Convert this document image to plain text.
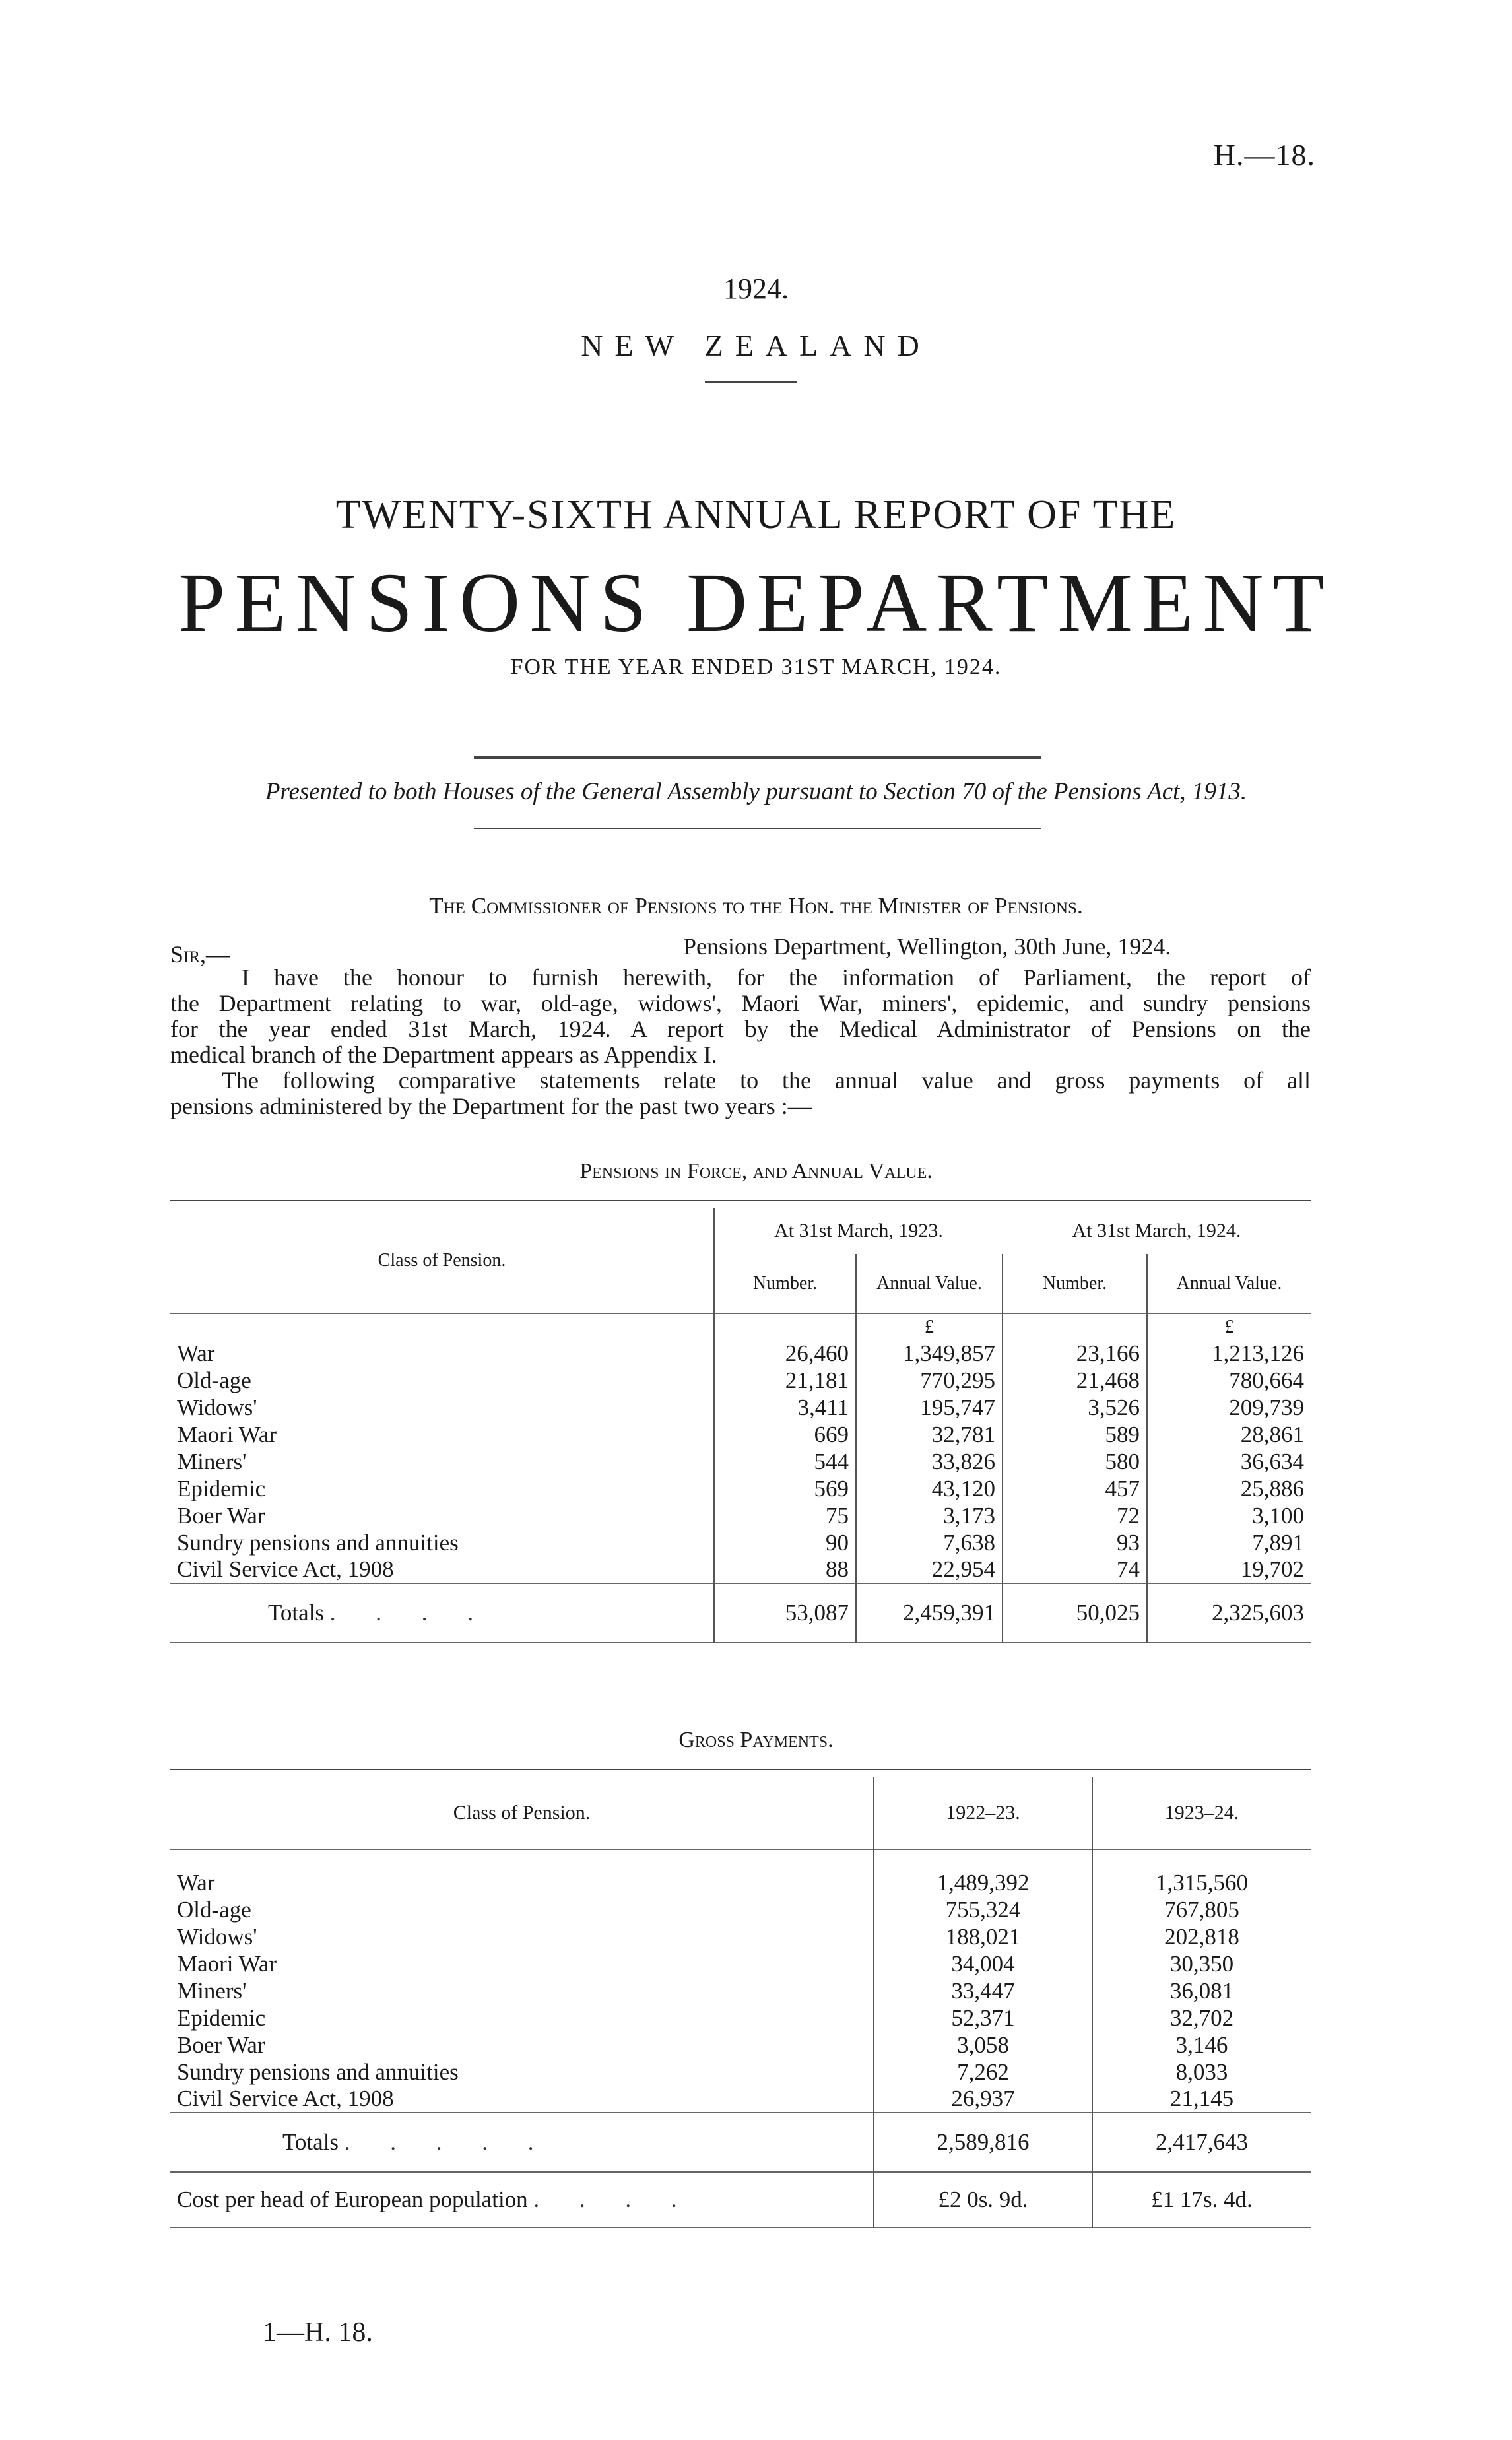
H.—18.
1924.
NEW ZEALAND
TWENTY-SIXTH ANNUAL REPORT OF THE
PENSIONS DEPARTMENT
FOR THE YEAR ENDED 31ST MARCH, 1924.
Presented to both Houses of the General Assembly pursuant to Section 70 of the Pensions Act, 1913.
The Commissioner of Pensions to the Hon. the Minister of Pensions.
Sir,—	Pensions Department, Wellington, 30th June, 1924.
I have the honour to furnish herewith, for the information of Parliament, the report of
the Department relating to war, old-age, widows', Maori War, miners', epidemic, and sundry pensions
for the year ended 31st March, 1924. A report by the Medical Administrator of Pensions on the
medical branch of the Department appears as Appendix I.
The following comparative statements relate to the annual value and gross payments of all
pensions administered by the Department for the past two years :—
Pensions in Force, and Annual Value.
Class of Pension.	At 31st March, 1923.		At 31st March, 1924.	
	Number.	Annual Value.	Number.	Annual Value.
		£		£
War	26,460	1,349,857	23,166	1,213,126
Old-age	21,181	770,295	21,468	780,664
Widows'	3,411	195,747	3,526	209,739
Maori War	669	32,781	589	28,861
Miners'	544	33,826	580	36,634
Epidemic	569	43,120	457	25,886
Boer War	75	3,173	72	3,100
Sundry pensions and annuities	90	7,638	93	7,891
Civil Service Act, 1908	88	22,954	74	19,702
Totals . . . .	53,087	2,459,391	50,025	2,325,603
Gross Payments.
Class of Pension.	1922–23.	1923–24.

War	1,489,392	1,315,560
Old-age	755,324	767,805
Widows'	188,021	202,818
Maori War	34,004	30,350
Miners'	33,447	36,081
Epidemic	52,371	32,702
Boer War	3,058	3,146
Sundry pensions and annuities	7,262	8,033
Civil Service Act, 1908	26,937	21,145
Totals . . . . .	2,589,816	2,417,643
Cost per head of European population . . . .	£2 0s. 9d.	£1 17s. 4d.
1—H. 18.
